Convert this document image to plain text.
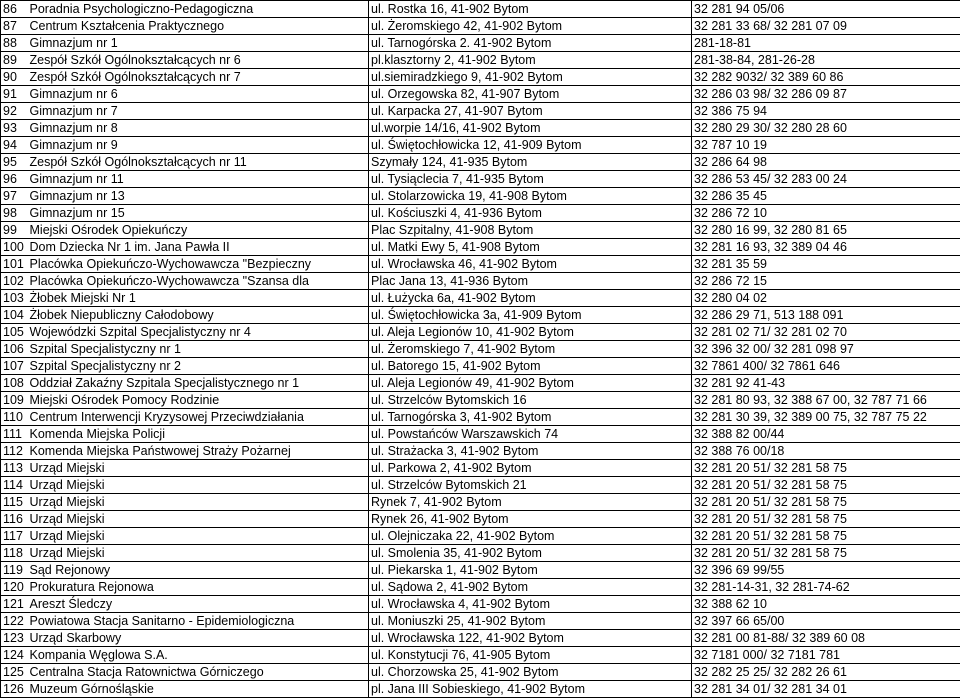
86	Poradnia Psychologiczno-Pedagogiczna	ul. Rostka 16, 41-902 Bytom	32 281 94 05/06
87	Centrum Kształcenia Praktycznego	ul. Żeromskiego 42, 41-902 Bytom	32 281 33 68/ 32 281 07 09
88	Gimnazjum nr 1	ul. Tarnogórska 2. 41-902 Bytom	281-18-81
89	Zespół Szkół Ogólnokształcących nr 6	pl.klasztorny 2, 41-902 Bytom	281-38-84, 281-26-28
90	Zespół Szkół Ogólnokształcących nr 7	ul.siemiradzkiego 9, 41-902 Bytom	32 282 9032/ 32 389 60 86
91	Gimnazjum nr 6	ul. Orzegowska 82, 41-907 Bytom	32 286 03 98/ 32 286 09 87
92	Gimnazjum nr 7	ul. Karpacka 27, 41-907 Bytom	32 386 75 94
93	Gimnazjum nr 8	ul.worpie 14/16, 41-902 Bytom	32 280 29 30/ 32 280 28 60
94	Gimnazjum nr 9	ul. Świętochłowicka 12, 41-909 Bytom	32 787 10 19
95	Zespół Szkół Ogólnokształcących nr 11	Szymały 124, 41-935 Bytom	32 286 64 98
96	Gimnazjum nr 11	ul. Tysiąclecia 7, 41-935 Bytom	32 286 53 45/ 32 283 00 24
97	Gimnazjum nr 13	ul. Stolarzowicka 19, 41-908 Bytom	32 286 35 45
98	Gimnazjum nr 15	ul. Kościuszki 4, 41-936 Bytom	32 286 72 10
99	Miejski Ośrodek Opiekuńczy	Plac Szpitalny, 41-908 Bytom	32 280 16 99, 32 280 81 65
100	Dom Dziecka Nr 1 im. Jana Pawła II	ul. Matki Ewy 5, 41-908 Bytom	32 281 16 93, 32 389 04 46
101	Placówka Opiekuńczo-Wychowawcza "Bezpieczny	ul. Wrocławska 46, 41-902 Bytom	32 281 35 59
102	Placówka Opiekuńczo-Wychowawcza "Szansa dla	Plac Jana 13, 41-936 Bytom	32 286 72 15
103	Żłobek Miejski Nr 1	ul. Łużycka 6a, 41-902 Bytom	32 280 04 02
104	Żłobek Niepubliczny Całodobowy	ul. Świętochłowicka 3a, 41-909 Bytom	32 286 29 71, 513 188 091
105	Wojewódzki Szpital Specjalistyczny nr 4	ul. Aleja Legionów 10, 41-902 Bytom	32 281 02 71/ 32 281 02 70
106	Szpital Specjalistyczny nr 1	ul. Żeromskiego 7, 41-902 Bytom	32 396 32 00/ 32 281 098 97
107	Szpital Specjalistyczny nr 2	ul. Batorego 15, 41-902 Bytom	32 7861 400/ 32 7861 646
108	Oddział Zakaźny Szpitala Specjalistycznego nr 1	ul. Aleja Legionów 49, 41-902 Bytom	32 281 92 41-43
109	Miejski Ośrodek Pomocy Rodzinie	ul. Strzelców Bytomskich 16	32 281 80 93, 32 388 67 00, 32 787 71 66
110	Centrum Interwencji Kryzysowej Przeciwdziałania	ul. Tarnogórska 3, 41-902 Bytom	32 281 30 39, 32 389 00 75, 32 787 75 22
111	Komenda Miejska Policji	ul. Powstańców Warszawskich 74	32 388 82 00/44
112	Komenda Miejska Państwowej Straży Pożarnej	ul. Strażacka 3, 41-902 Bytom	32 388 76 00/18
113	Urząd Miejski	ul. Parkowa 2, 41-902 Bytom	32 281 20 51/ 32 281 58 75
114	Urząd Miejski	ul. Strzelców Bytomskich 21	32 281 20 51/ 32 281 58 75
115	Urząd Miejski	Rynek 7, 41-902 Bytom	32 281 20 51/ 32 281 58 75
116	Urząd Miejski	Rynek 26, 41-902 Bytom	32 281 20 51/ 32 281 58 75
117	Urząd Miejski	ul. Olejniczaka 22, 41-902 Bytom	32 281 20 51/ 32 281 58 75
118	Urząd Miejski	ul. Smolenia 35, 41-902 Bytom	32 281 20 51/ 32 281 58 75
119	Sąd Rejonowy	ul. Piekarska 1, 41-902 Bytom	32 396 69 99/55
120	Prokuratura Rejonowa	ul. Sądowa 2, 41-902 Bytom	32 281-14-31, 32 281-74-62
121	Areszt Śledczy	ul. Wrocławska 4, 41-902 Bytom	32 388 62 10
122	Powiatowa Stacja Sanitarno - Epidemiologiczna	ul. Moniuszki 25, 41-902 Bytom	32 397 66 65/00
123	Urząd Skarbowy	ul. Wrocławska 122, 41-902 Bytom	32 281 00 81-88/ 32 389 60 08
124	Kompania Węglowa S.A.	ul. Konstytucji 76, 41-905 Bytom	32 7181 000/ 32 7181 781
125	Centralna Stacja Ratownictwa Górniczego	ul. Chorzowska 25, 41-902 Bytom	32 282 25 25/ 32 282 26 61
126	Muzeum Górnośląskie	pl. Jana III Sobieskiego, 41-902 Bytom	32 281 34 01/ 32 281 34 01
